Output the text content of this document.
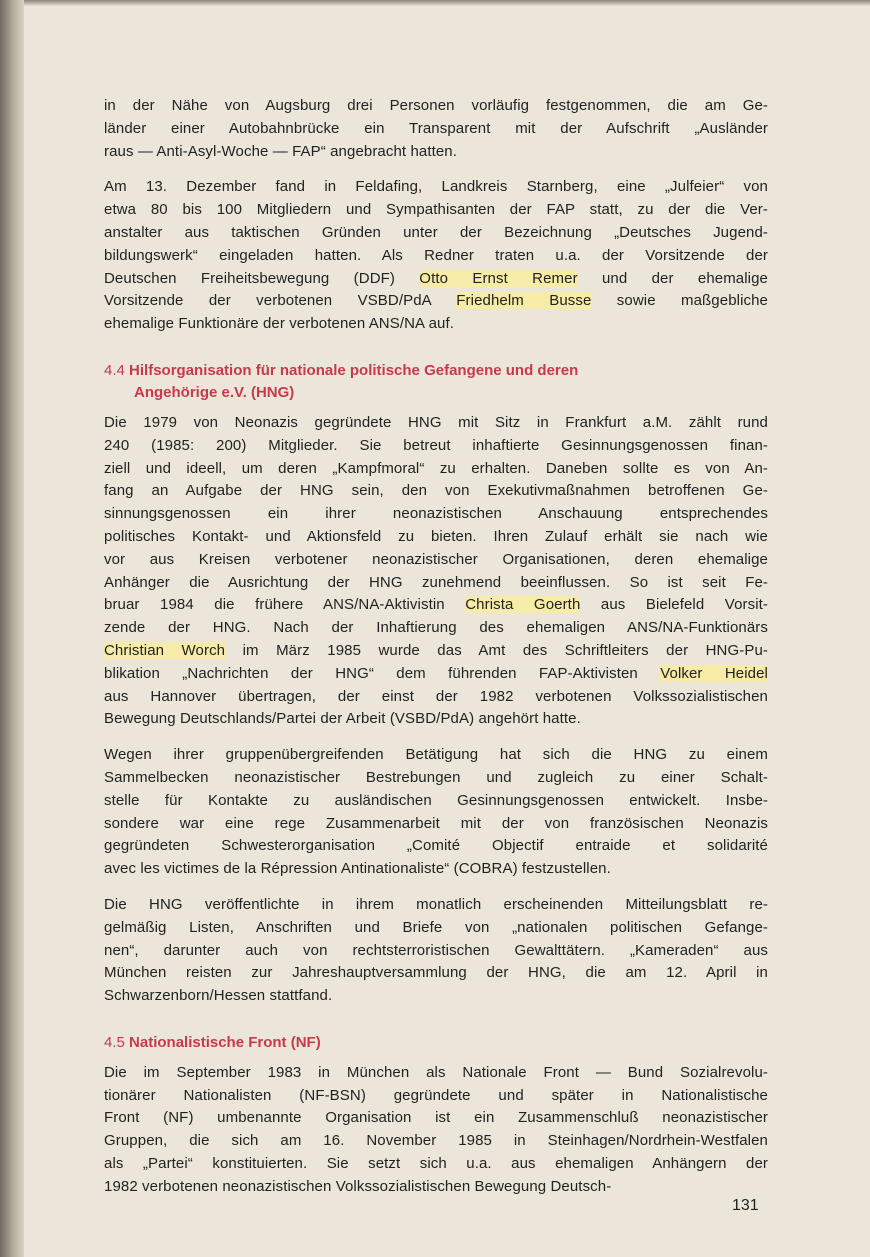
in der Nähe von Augsburg drei Personen vorläufig festgenommen, die am Ge-
länder einer Autobahnbrücke ein Transparent mit der Aufschrift „Ausländer
raus — Anti-Asyl-Woche — FAP“ angebracht hatten.
Am 13. Dezember fand in Feldafing, Landkreis Starnberg, eine „Julfeier“ von
etwa 80 bis 100 Mitgliedern und Sympathisanten der FAP statt, zu der die Ver-
anstalter aus taktischen Gründen unter der Bezeichnung „Deutsches Jugend-
bildungswerk“ eingeladen hatten. Als Redner traten u.a. der Vorsitzende der
Deutschen Freiheitsbewegung (DDF) Otto Ernst Remer und der ehemalige
Vorsitzende der verbotenen VSBD/PdA Friedhelm Busse sowie maßgebliche
ehemalige Funktionäre der verbotenen ANS/NA auf.
4.4 Hilfsorganisation für nationale politische Gefangene und deren
Angehörige e.V. (HNG)
Die 1979 von Neonazis gegründete HNG mit Sitz in Frankfurt a.M. zählt rund
240 (1985: 200) Mitglieder. Sie betreut inhaftierte Gesinnungsgenossen finan-
ziell und ideell, um deren „Kampfmoral“ zu erhalten. Daneben sollte es von An-
fang an Aufgabe der HNG sein, den von Exekutivmaßnahmen betroffenen Ge-
sinnungsgenossen ein ihrer neonazistischen Anschauung entsprechendes
politisches Kontakt- und Aktionsfeld zu bieten. Ihren Zulauf erhält sie nach wie
vor aus Kreisen verbotener neonazistischer Organisationen, deren ehemalige
Anhänger die Ausrichtung der HNG zunehmend beeinflussen. So ist seit Fe-
bruar 1984 die frühere ANS/NA-Aktivistin Christa Goerth aus Bielefeld Vorsit-
zende der HNG. Nach der Inhaftierung des ehemaligen ANS/NA-Funktionärs
Christian Worch im März 1985 wurde das Amt des Schriftleiters der HNG-Pu-
blikation „Nachrichten der HNG“ dem führenden FAP-Aktivisten Volker Heidel
aus Hannover übertragen, der einst der 1982 verbotenen Volkssozialistischen
Bewegung Deutschlands/Partei der Arbeit (VSBD/PdA) angehört hatte.
Wegen ihrer gruppenübergreifenden Betätigung hat sich die HNG zu einem
Sammelbecken neonazistischer Bestrebungen und zugleich zu einer Schalt-
stelle für Kontakte zu ausländischen Gesinnungsgenossen entwickelt. Insbe-
sondere war eine rege Zusammenarbeit mit der von französischen Neonazis
gegründeten Schwesterorganisation „Comité Objectif entraide et solidarité
avec les victimes de la Répression Antinationaliste“ (COBRA) festzustellen.
Die HNG veröffentlichte in ihrem monatlich erscheinenden Mitteilungsblatt re-
gelmäßig Listen, Anschriften und Briefe von „nationalen politischen Gefange-
nen“, darunter auch von rechtsterroristischen Gewalttätern. „Kameraden“ aus
München reisten zur Jahreshauptversammlung der HNG, die am 12. April in
Schwarzenborn/Hessen stattfand.
4.5 Nationalistische Front (NF)
Die im September 1983 in München als Nationale Front — Bund Sozialrevolu-
tionärer Nationalisten (NF-BSN) gegründete und später in Nationalistische
Front (NF) umbenannte Organisation ist ein Zusammenschluß neonazistischer
Gruppen, die sich am 16. November 1985 in Steinhagen/Nordrhein-Westfalen
als „Partei“ konstituierten. Sie setzt sich u.a. aus ehemaligen Anhängern der
1982 verbotenen neonazistischen Volkssozialistischen Bewegung Deutsch-
131
